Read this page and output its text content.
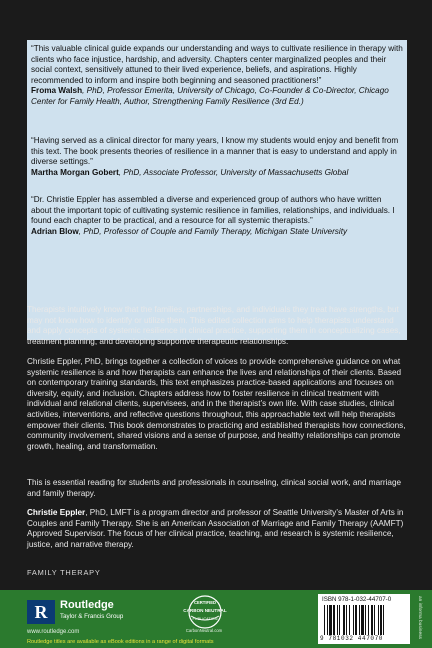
“This valuable clinical guide expands our understanding and ways to cultivate resilience in therapy with clients who face injustice, hardship, and adversity. Chapters center marginalized peoples and their social context, sensitively attuned to their lived experience, beliefs, and aspirations. Highly recommended to inform and inspire both beginning and seasoned practitioners!”

Froma Walsh, PhD, Professor Emerita, University of Chicago, Co-Founder & Co-Director, Chicago Center for Family Health, Author, Strengthening Family Resilience (3rd Ed.)

“Having served as a clinical director for many years, I know my students would enjoy and benefit from this text. The book presents theories of resilience in a manner that is easy to understand and apply in diverse settings.”

Martha Morgan Gobert, PhD, Associate Professor, University of Massachusetts Global

“Dr. Christie Eppler has assembled a diverse and experienced group of authors who have written about the important topic of cultivating systemic resilience in families, relationships, and individuals. I found each chapter to be practical, and a resource for all systemic therapists.”

Adrian Blow, PhD, Professor of Couple and Family Therapy, Michigan State University

Therapists intuitively know that the families, partnerships, and individuals they treat have strengths, but may not know how to identify or utilize them. This edited collection aims to help therapists understand and apply concepts of systemic resilience in clinical practice, supporting them in conceptualizing cases, treatment planning, and developing supportive therapeutic relationships.

Christie Eppler, PhD, brings together a collection of voices to provide comprehensive guidance on what systemic resilience is and how therapists can enhance the lives and relationships of their clients. Based on contemporary training standards, this text emphasizes practice-based applications and focuses on diversity, equity, and inclusion. Chapters address how to foster resilience in clinical treatment with individual and relational clients, supervisees, and in the therapist’s own life. With case studies, clinical activities, interventions, and reflective questions throughout, this approachable text will help therapists empower their clients. This book demonstrates to practicing and established therapists how connections, community involvement, shared visions and a sense of purpose, and healthy relationships can promote growth, healing, and transformation.

This is essential reading for students and professionals in counseling, clinical social work, and marriage and family therapy.

Christie Eppler, PhD, LMFT is a program director and professor of Seattle University’s Master of Arts in Couples and Family Therapy. She is an American Association of Marriage and Family Therapy (AAMFT) Approved Supervisor. The focus of her clinical practice, teaching, and research is systemic resilience, justice, and narrative therapy.

FAMILY THERAPY
R Routledge
Taylor & Francis Group
www.routledge.com
CERTIFIED
CARBON NEUTRAL
PUBLICATION
CarbonNeutral.com
Routledge titles are available as eBook editions in a range of digital formats
ISBN 978-1-032-44707-0
9 781032 447070	an informa business
